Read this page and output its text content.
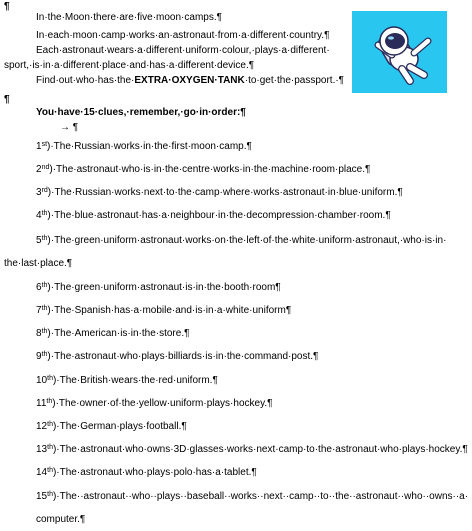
¶
In·the·Moon·there·are·five·moon·camps.¶
In·each·moon·camp·works·an·astronaut·from·a·different·country.¶
Each·astronaut·wears·a·different·uniform·colour,·plays·a·different·
sport,·is·in·a·different·place·and·has·a·different·device.¶
Find·out·who·has·the·EXTRA·OXYGEN·TANK·to·get·the·passport.·¶
¶
You·have·15·clues,·remember,·go·in·order:¶
→ ¶
1st)·The·Russian·works·in·the·first·moon·camp.¶
2nd)·The·astronaut·who·is·in·the·centre·works·in·the·machine·room·place.¶
3rd)·The·Russian·works·next·to·the·camp·where·works·astronaut·in·blue·uniform.¶
4th)·The·blue·astronaut·has·a·neighbour·in·the·decompression·chamber·room.¶
5th)·The·green·uniform·astronaut·works·on·the·left·of·the·white·uniform·astronaut,·who·is·in·
the·last·place.¶
6th)·The·green·uniform·astronaut·is·in·the·booth·room¶
7th)·The·Spanish·has·a·mobile·and·is·in·a·white·uniform¶
8th)·The·American·is·in·the·store.¶
9th)·The·astronaut·who·plays·billiards·is·in·the·command·post.¶
10th)·The·British·wears·the·red·uniform.¶
11th)·The·owner·of·the·yellow·uniform·plays·hockey.¶
12th)·The·German·plays·football.¶
13th)·The·astronaut·who·owns·3D·glasses·works·next·camp·to·the·astronaut·who·plays·hockey.¶
14th)·The·astronaut·who·plays·polo·has·a·tablet.¶
15th)·The··astronaut··who··plays··baseball··works··next··camp··to··the··astronaut··who··owns··a·
computer.¶
